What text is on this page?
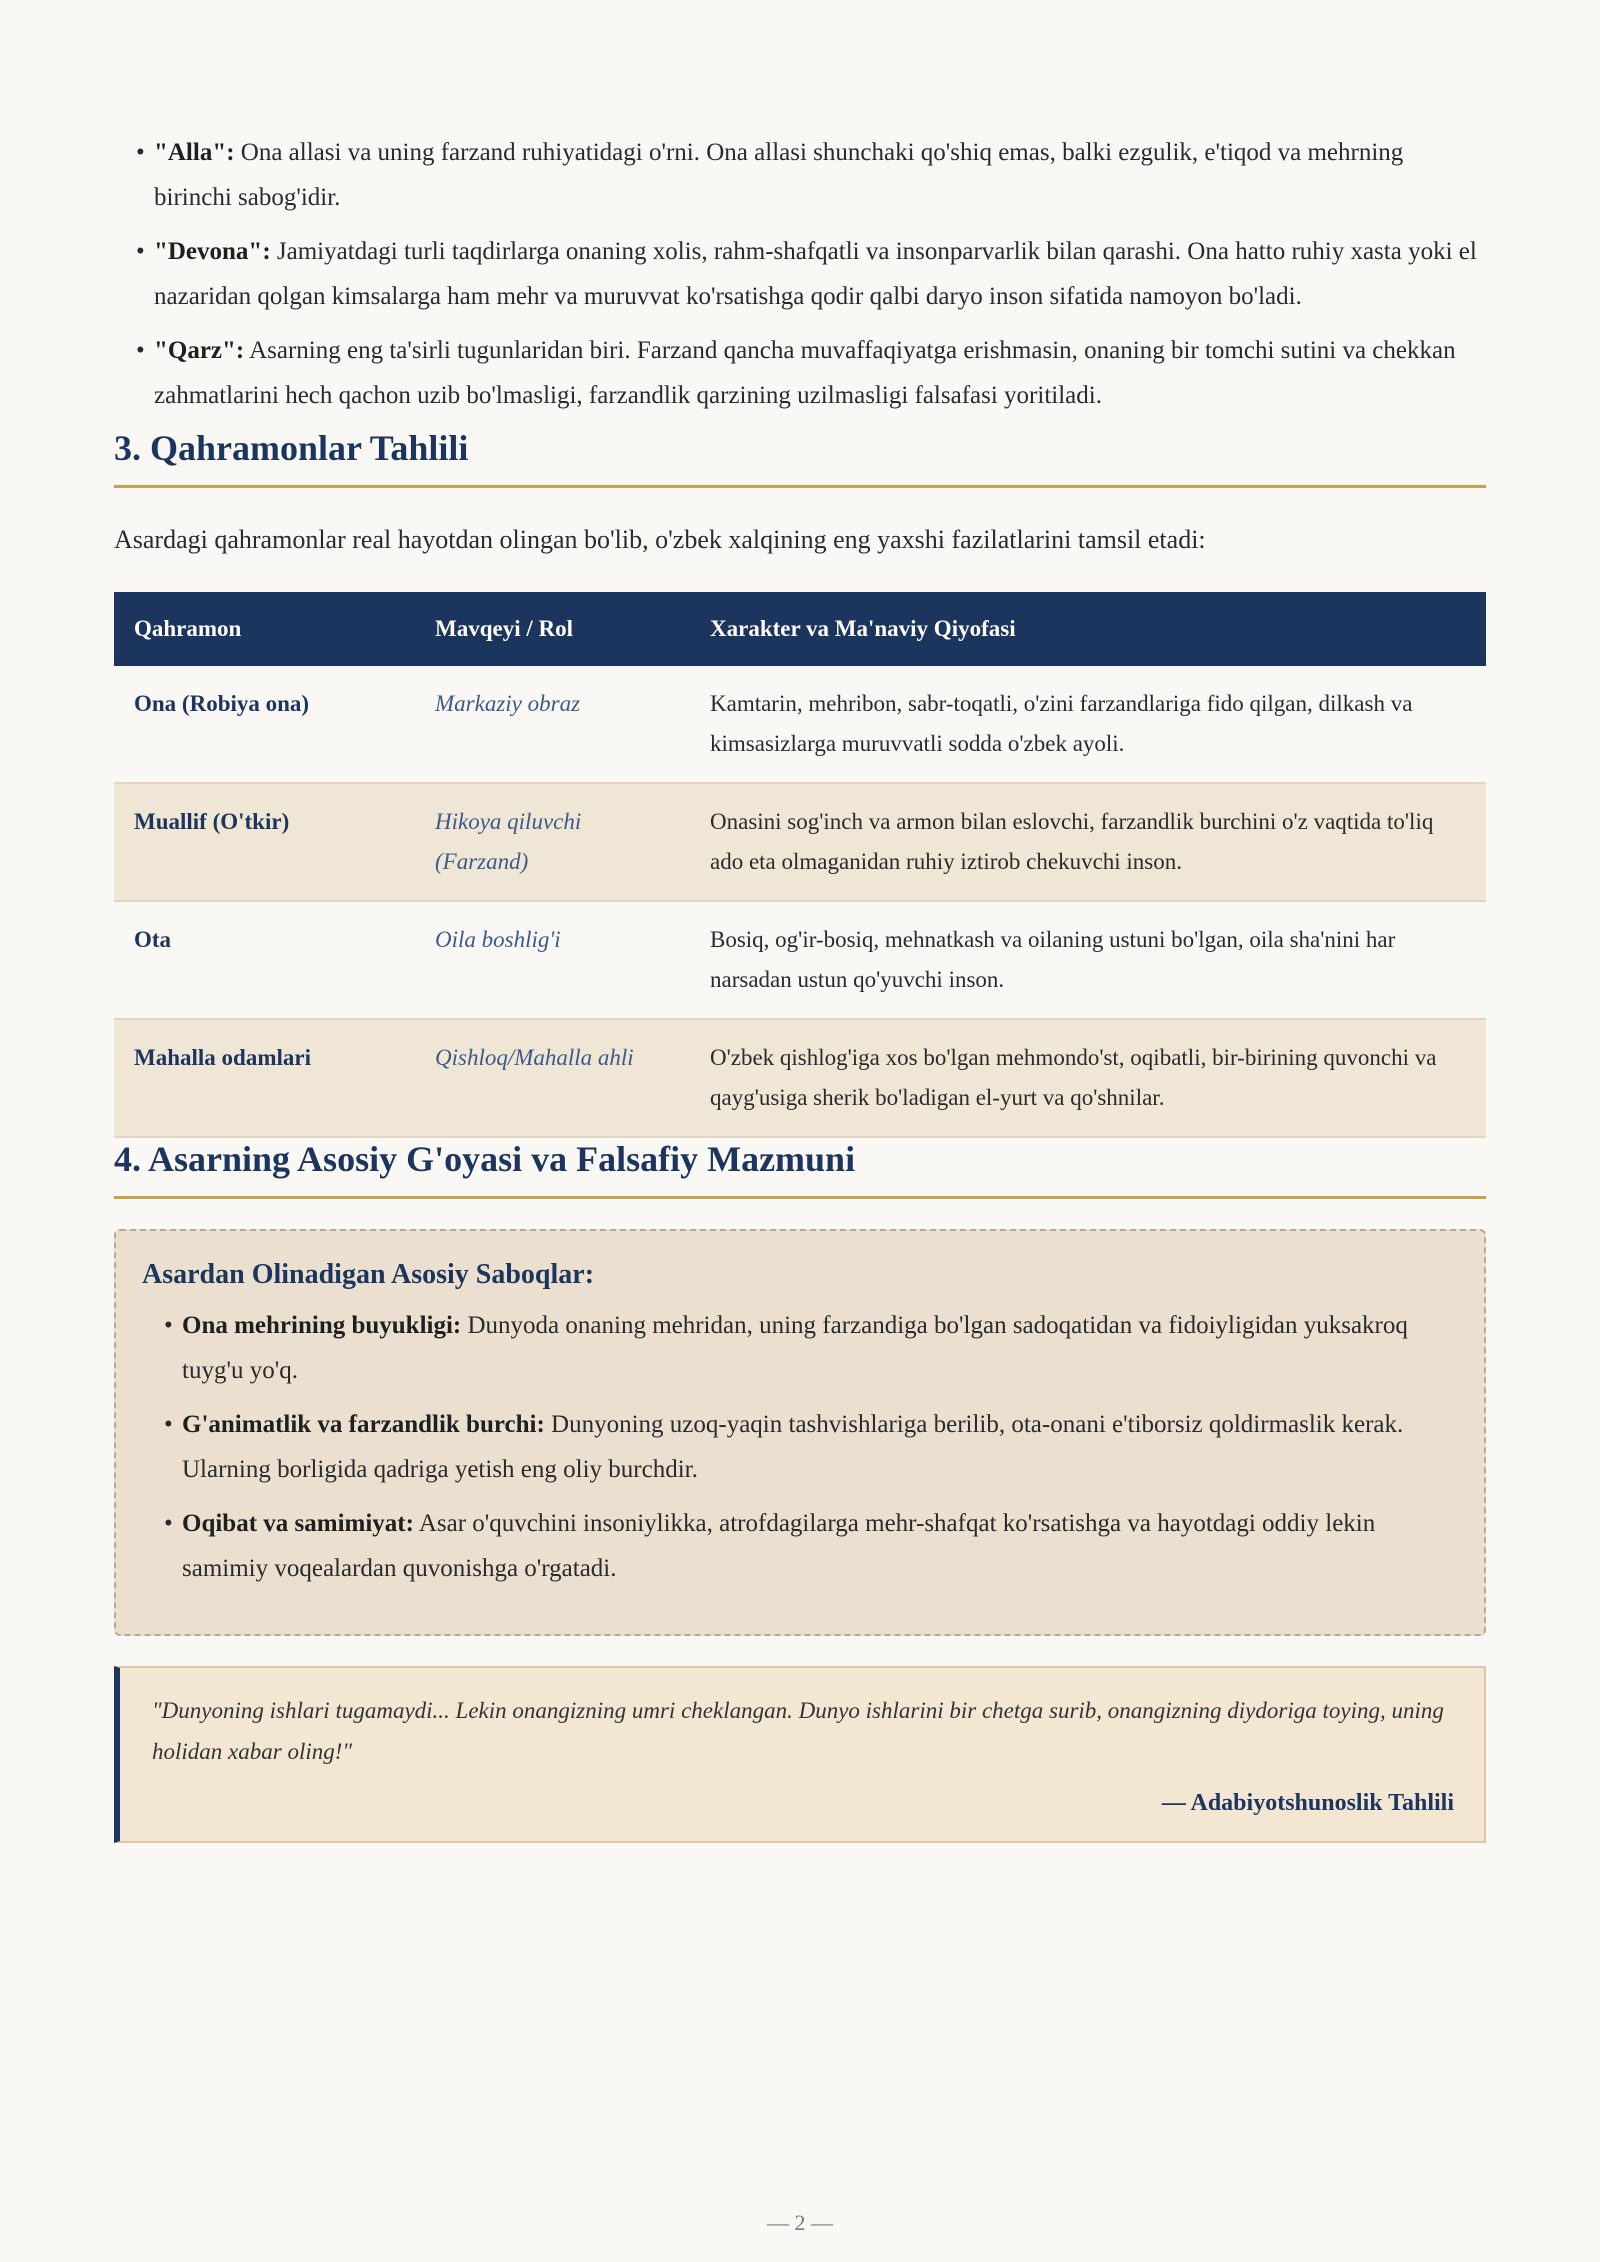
• "Alla": Ona allasi va uning farzand ruhiyatidagi o'rni. Ona allasi shunchaki qo'shiq emas, balki ezgulik, e'tiqod va mehrning birinchi sabog'idir.
• "Devona": Jamiyatdagi turli taqdirlarga onaning xolis, rahm-shafqatli va insonparvarlik bilan qarashi. Ona hatto ruhiy xasta yoki el nazaridan qolgan kimsalarga ham mehr va muruvvat ko'rsatishga qodir qalbi daryo inson sifatida namoyon bo'ladi.
• "Qarz": Asarning eng ta'sirli tugunlaridan biri. Farzand qancha muvaffaqiyatga erishmasin, onaning bir tomchi sutini va chekkan zahmatlarini hech qachon uzib bo'lmasligi, farzandlik qarzining uzilmasligi falsafasi yoritiladi.
3. Qahramonlar Tahlili

Asardagi qahramonlar real hayotdan olingan bo'lib, o'zbek xalqining eng yaxshi fazilatlarini tamsil etadi:

Qahramon	Mavqeyi / Rol	Xarakter va Ma'naviy Qiyofasi
Ona (Robiya ona)	Markaziy obraz	Kamtarin, mehribon, sabr-toqatli, o'zini farzandlariga fido qilgan, dilkash va kimsasizlarga muruvvatli sodda o'zbek ayoli.
Muallif (O'tkir)	Hikoya qiluvchi (Farzand)	Onasini sog'inch va armon bilan eslovchi, farzandlik burchini o'z vaqtida to'liq ado eta olmaganidan ruhiy iztirob chekuvchi inson.
Ota	Oila boshlig'i	Bosiq, og'ir-bosiq, mehnatkash va oilaning ustuni bo'lgan, oila sha'nini har narsadan ustun qo'yuvchi inson.
Mahalla odamlari	Qishloq/Mahalla ahli	O'zbek qishlog'iga xos bo'lgan mehmondo'st, oqibatli, bir-birining quvonchi va qayg'usiga sherik bo'ladigan el-yurt va qo'shnilar.
4. Asarning Asosiy G'oyasi va Falsafiy Mazmuni
Asardan Olinadigan Asosiy Saboqlar:
• Ona mehrining buyukligi: Dunyoda onaning mehridan, uning farzandiga bo'lgan sadoqatidan va fidoiyligidan yuksakroq tuyg'u yo'q.
• G'animatlik va farzandlik burchi: Dunyoning uzoq-yaqin tashvishlariga berilib, ota-onani e'tiborsiz qoldirmaslik kerak. Ularning borligida qadriga yetish eng oliy burchdir.
• Oqibat va samimiyat: Asar o'quvchini insoniylikka, atrofdagilarga mehr-shafqat ko'rsatishga va hayotdagi oddiy lekin samimiy voqealardan quvonishga o'rgatadi.

"Dunyoning ishlari tugamaydi... Lekin onangizning umri cheklangan. Dunyo ishlarini bir chetga surib, onangizning diydoriga toying, uning holidan xabar oling!"

— Adabiyotshunoslik Tahlili
— 2 —
